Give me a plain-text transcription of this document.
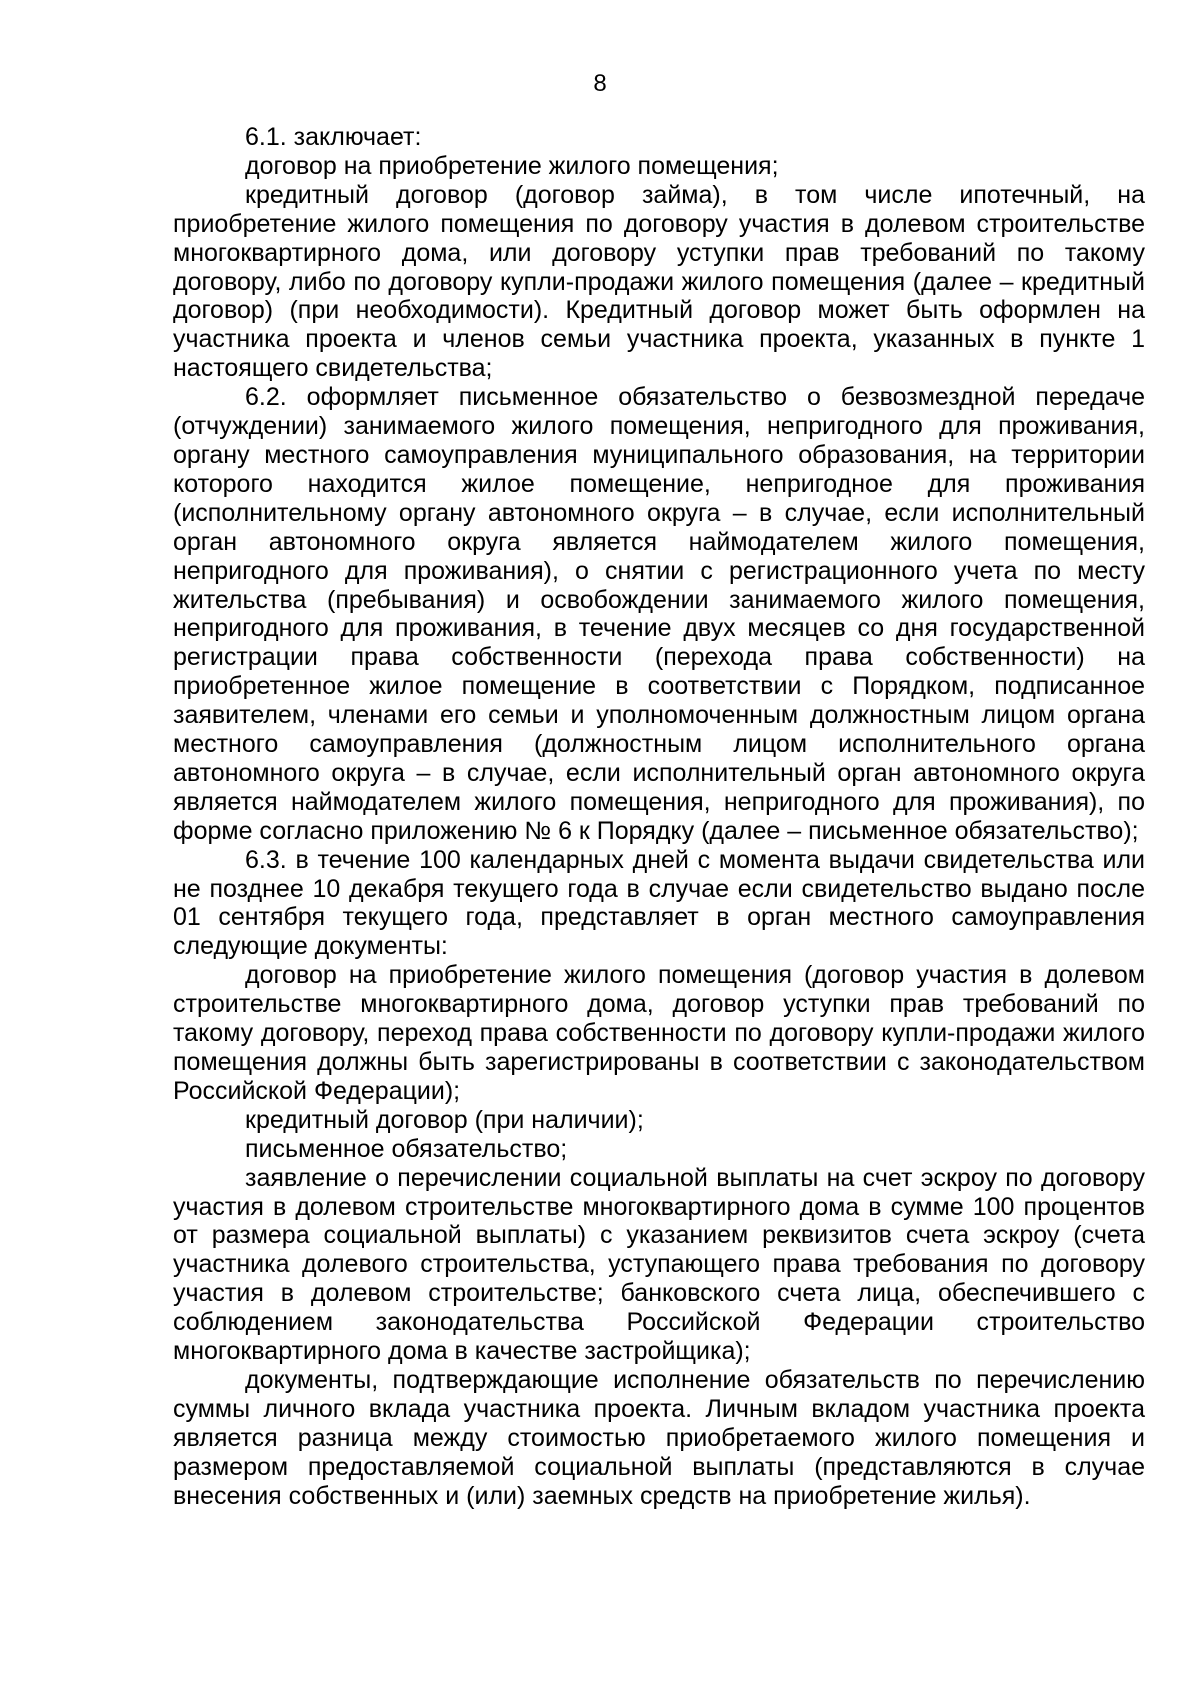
8

6.1. заключает:

договор на приобретение жилого помещения;

кредитный договор (договор займа), в том числе ипотечный, на приобретение жилого помещения по договору участия в долевом строительстве многоквартирного дома, или договору уступки прав требований по такому договору, либо по договору купли-продажи жилого помещения (далее – кредитный договор) (при необходимости). Кредитный договор может быть оформлен на участника проекта и членов семьи участника проекта, указанных в пункте 1 настоящего свидетельства;

6.2. оформляет письменное обязательство о безвозмездной передаче (отчуждении) занимаемого жилого помещения, непригодного для проживания, органу местного самоуправления муниципального образования, на территории которого находится жилое помещение, непригодное для проживания (исполнительному органу автономного округа – в случае, если исполнительный орган автономного округа является наймодателем жилого помещения, непригодного для проживания), о снятии с регистрационного учета по месту жительства (пребывания) и освобождении занимаемого жилого помещения, непригодного для проживания, в течение двух месяцев со дня государственной регистрации права собственности (перехода права собственности) на приобретенное жилое помещение в соответствии с Порядком, подписанное заявителем, членами его семьи и уполномоченным должностным лицом органа местного самоуправления (должностным лицом исполнительного органа автономного округа – в случае, если исполнительный орган автономного округа является наймодателем жилого помещения, непригодного для проживания), по форме согласно приложению № 6 к Порядку (далее – письменное обязательство);

6.3. в течение 100 календарных дней с момента выдачи свидетельства или не позднее 10 декабря текущего года в случае если свидетельство выдано после 01 сентября текущего года, представляет в орган местного самоуправления следующие документы:

договор на приобретение жилого помещения (договор участия в долевом строительстве многоквартирного дома, договор уступки прав требований по такому договору, переход права собственности по договору купли-продажи жилого помещения должны быть зарегистрированы в соответствии с законодательством Российской Федерации);

кредитный договор (при наличии);

письменное обязательство;

заявление о перечислении социальной выплаты на счет эскроу по договору участия в долевом строительстве многоквартирного дома в сумме 100 процентов от размера социальной выплаты) с указанием реквизитов счета эскроу (счета участника долевого строительства, уступающего права требования по договору участия в долевом строительстве; банковского счета лица, обеспечившего с соблюдением законодательства Российской Федерации строительство многоквартирного дома в качестве застройщика);

документы, подтверждающие исполнение обязательств по перечислению суммы личного вклада участника проекта. Личным вкладом участника проекта является разница между стоимостью приобретаемого жилого помещения и размером предоставляемой социальной выплаты (представляются в случае внесения собственных и (или) заемных средств на приобретение жилья).
